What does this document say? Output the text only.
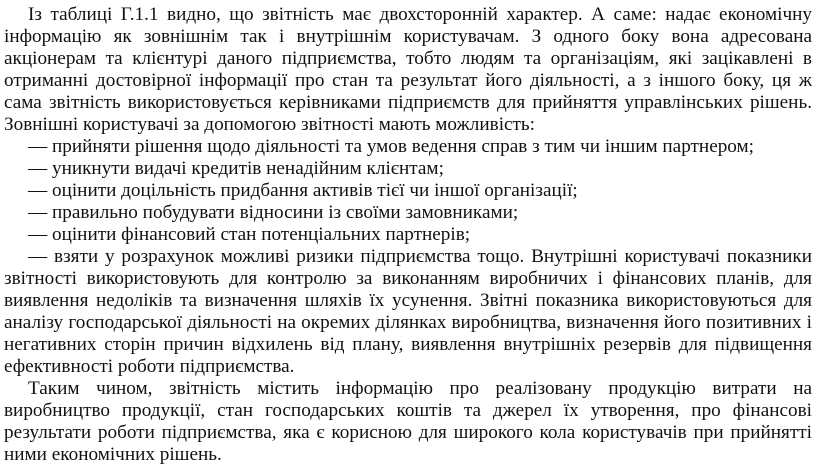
Із таблиці Г.1.1 видно, що звітність має двохсторонній характер. А саме: надає економічну інформацію як зовнішнім так і внутрішнім користувачам. З одного боку вона адресована акціонерам та клієнтурі даного підприємства, тобто людям та організаціям, які зацікавлені в отриманні достовірної інформації про стан та результат його діяльності, а з іншого боку, ця ж сама звітність використовується керівниками підприємств для прийняття управлінських рішень. Зовнішні користувачі за допомогою звітності мають можливість:

— прийняти рішення щодо діяльності та умов ведення справ з тим чи іншим партнером;
— уникнути видачі кредитів ненадійним клієнтам;
— оцінити доцільність придбання активів тієї чи іншої організації;
— правильно побудувати відносини із своїми замовниками;
— оцінити фінансовий стан потенціальних партнерів;

— взяти у розрахунок можливі ризики підприємства тощо. Внутрішні користувачі показники звітності використовують для контролю за виконанням виробничих і фінансових планів, для виявлення недоліків та визначення шляхів їх усунення. Звітні показника використовуються для аналізу господарської діяльності на окремих ділянках виробництва, визначення його позитивних і негативних сторін причин відхилень від плану, виявлення внутрішніх резервів для підвищення ефективності роботи підприємства.

Таким чином, звітність містить інформацію про реалізовану продукцію витрати на виробництво продукції, стан господарських коштів та джерел їх утворення, про фінансові результати роботи підприємства, яка є корисною для широкого кола користувачів при прийнятті ними економічних рішень.
